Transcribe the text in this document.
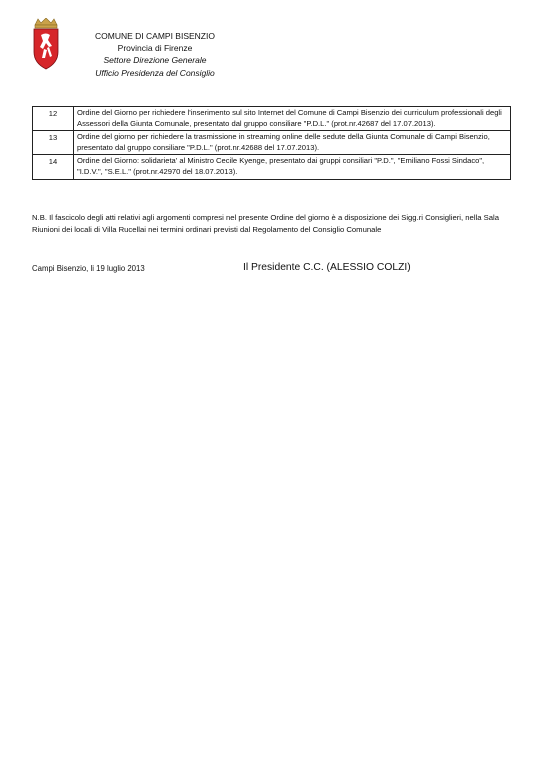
COMUNE DI CAMPI BISENZIO
Provincia di Firenze
Settore Direzione Generale
Ufficio Presidenza del Consiglio
12	Ordine del Giorno per richiedere l'inserimento sul sito Internet del Comune di Campi Bisenzio dei curriculum professionali degli Assessori della Giunta Comunale, presentato dal gruppo consiliare "P.D.L." (prot.nr.42687 del 17.07.2013).
13	Ordine del giorno per richiedere la trasmissione in streaming online delle sedute della Giunta Comunale di Campi Bisenzio, presentato dal gruppo consiliare "P.D.L." (prot.nr.42688 del 17.07.2013).
14	Ordine del Giorno: solidarieta' al Ministro Cecile Kyenge, presentato dai gruppi consiliari "P.D.", "Emiliano Fossi Sindaco", "I.D.V.", "S.E.L." (prot.nr.42970 del 18.07.2013).
N.B. Il fascicolo degli atti relativi agli argomenti compresi nel presente Ordine del giorno è a disposizione dei Sigg.ri Consiglieri, nella Sala Riunioni dei locali di Villa Rucellai nei termini ordinari previsti dal Regolamento del Consiglio Comunale
Campi Bisenzio, li 19 luglio 2013	Il Presidente C.C. (ALESSIO COLZI)
